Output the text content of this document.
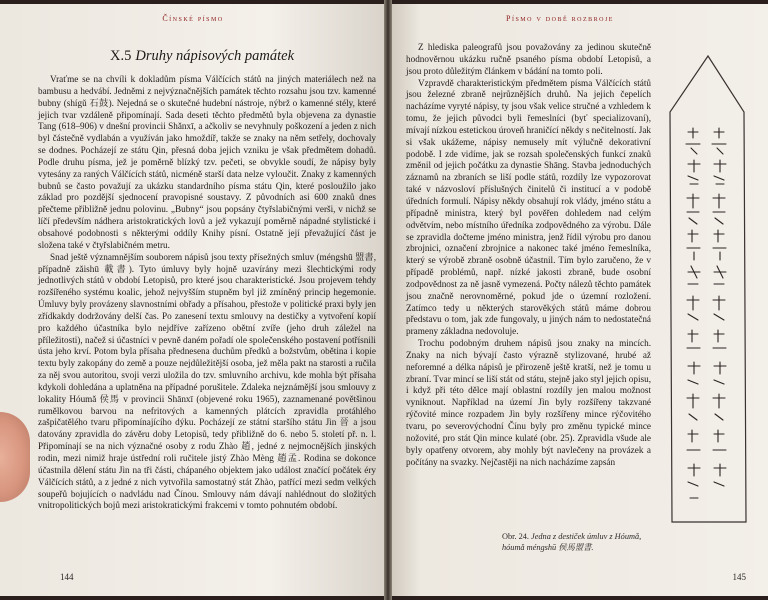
Čínské písmo
X.5 Druhy nápisových památek

Vraťme se na chvíli k dokladům písma Válčících států na jiných materiálech než na bambusu a hedvábí. Jedněmi z nejvýznačnějších památek těchto rozsahu jsou tzv. kamenné bubny (shígǔ 石鼓). Nejedná se o skutečné hudební nástroje, nýbrž o kamenné stély, které jejich tvar vzdáleně připomínají. Sada deseti těchto předmětů byla objevena za dynastie Tang (618–906) v dnešní provincii Shǎnxī, a ačkoliv se nevyhnuly poškození a jeden z nich byl částečně vydlabán a využíván jako hmoždíř, takže se znaky na něm setřely, dochovaly se dodnes. Pocházejí ze státu Qin, přesná doba jejich vzniku je však předmětem dohadů. Podle druhu písma, jež je poměrně blízký tzv. pečeti, se obvykle soudí, že nápisy byly vytesány za raných Válčících států, nicméně starší data nelze vyloučit. Znaky z kamenných bubnů se často považují za ukázku standardního písma státu Qin, které posloužilo jako základ pro pozdější sjednocení pravopisné soustavy. Z původních asi 600 znaků dnes přečteme přibližně jednu polovinu. „Bubny“ jsou popsány čtyřslabičnými verši, v nichž se líčí především nádhera aristokratických lovů a jež vykazují poměrně nápadné stylistické i obsahové podobnosti s některými oddíly Knihy písní. Ostatně její převažující část je složena také v čtyřslabičném metru.

Snad ještě významnějším souborem nápisů jsou texty přísežných smluv (méngshū 盟書, případně zǎishū 載書). Tyto úmluvy byly hojně uzavírány mezi šlechtickými rody jednotlivých států v období Letopisů, pro které jsou charakteristické. Jsou projevem tehdy rozšířeného systému koalic, jehož nejvyšším stupněm byl již zmíněný princip hegemonie. Úmluvy byly provázeny slavnostními obřady a přísahou, přestože v politické praxi byly jen zřídkakdy dodržovány delší čas. Po zanesení textu smlouvy na destičky a vytvoření kopií pro každého účastníka bylo nejdříve zařízeno obětní zvíře (jeho druh záležel na příležitosti), načež si účastníci v pevně daném pořadí ole společenského postavení potřísnili ústa jeho krví. Potom byla přísaha přednesena duchům předků a božstvům, obětina i kopie textu byly zakopány do země a pouze nejdůležitější osoba, jež měla pakt na starosti a ručila za něj svou autoritou, svoji verzi uložila do tzv. smluvního archivu, kde mohla být přísaha kdykoli dohledána a uplatněna na případné porušitele. Zdaleka nejznámější jsou smlouvy z lokality Hóumǎ 侯馬 v provincii Shānxī (objevené roku 1965), zaznamenané povětšinou rumělkovou barvou na nefritových a kamenných plátcích zpravidla protáhlého zašpičatělého tvaru připomínajícího dýku. Pocházejí ze státní staršího státu Jìn 晉 a jsou datovány zpravidla do závěru doby Letopisů, tedy přibližně do 6. nebo 5. století př. n. l. Připomínají se na nich význačné osoby z rodu Zhào 趙, jedné z nejmocnějších jinských rodin, mezi nimiž hraje ústřední roli ručitele jistý Zhào Mèng 趙孟. Rodina se dokonce účastnila dělení státu Jìn na tři části, chápaného objektem jako událost značící počátek éry Válčících států, a z jedné z nich vytvořila samostatný stát Zhào, patřící mezi sedm velkých soupeřů bojujících o nadvládu nad Čínou. Smlouvy nám dávají nahlédnout do složitých vnitropolitických bojů mezi aristokratickými frakcemi v tomto pohnutém období.

144
Písmo v době rozbroje

Z hlediska paleografů jsou považovány za jedinou skutečně hodnověrnou ukázku ručně psaného písma období Letopisů, a jsou proto důležitým článkem v bádání na tomto poli.

Vzpravdě charakteristickým předmětem písma Válčících států jsou železné zbraně nejrůznějších druhů. Na jejich čepelích nacházíme vyryté nápisy, ty jsou však velice stručné a vzhledem k tomu, že jejich původci byli řemeslníci (byť specializovaní), mívají nízkou estetickou úroveň hraničící někdy s nečitelností. Jak si však ukážeme, nápisy nemusely mít výlučně dekorativní podobě. I zde vidíme, jak se rozsah společenských funkcí znaků změnil od jejich počátku za dynastie Shāng. Stavba jednoduchých záznamů na zbraních se liší podle států, rozdíly lze vypozorovat také v názvosloví příslušných činitelů či institucí a v podobě úředních formulí. Nápisy někdy obsahují rok vlády, jméno státu a případně ministra, který byl pověřen dohledem nad celým odvětvím, nebo místního úředníka zodpovědného za výrobu. Dále se zpravidla dočteme jméno ministra, jenž řídil výrobu pro danou zbrojnici, označení zbrojnice a nakonec také jméno řemeslníka, který se výrobě zbraně osobně účastnil. Tím bylo zaručeno, že v případě problémů, např. nízké jakosti zbraně, bude osobní zodpovědnost za ně jasně vymezená. Počty nálezů těchto památek jsou značně nerovnoměrné, pokud jde o územní rozložení. Zatímco tedy u některých starověkých států máme dobrou představu o tom, jak zde fungovaly, u jiných nám to nedostatečná prameny základna nedovoluje.

Trochu podobným druhem nápisů jsou znaky na mincích. Znaky na nich bývají často výrazně stylizované, hrubé až neforemné a délka nápisů je přirozeně ještě kratší, než je tomu u zbraní. Tvar mincí se liší stát od státu, stejně jako styl jejich opisu, i když při této dělce mají oblastní rozdíly jen malou možnost vyniknout. Například na území Jìn byly rozšířeny takzvané rýčovité mince rozpadem Jìn byly rozšířeny mince rýčovitého tvaru, po severovýchodní Čínu byly pro změnu typické mince nožovité, pro stát Qin mince kulaté (obr. 25). Zpravidla všude ale byly opatřeny otvorem, aby mohly být navlečeny na provázek a počítány na svazky. Nejčastěji na nich nacházíme zapsán

Obr. 24. Jedna z destiček úmluv z Hóumǎ, hóumǎ méngshū 侯馬盟書.
145
